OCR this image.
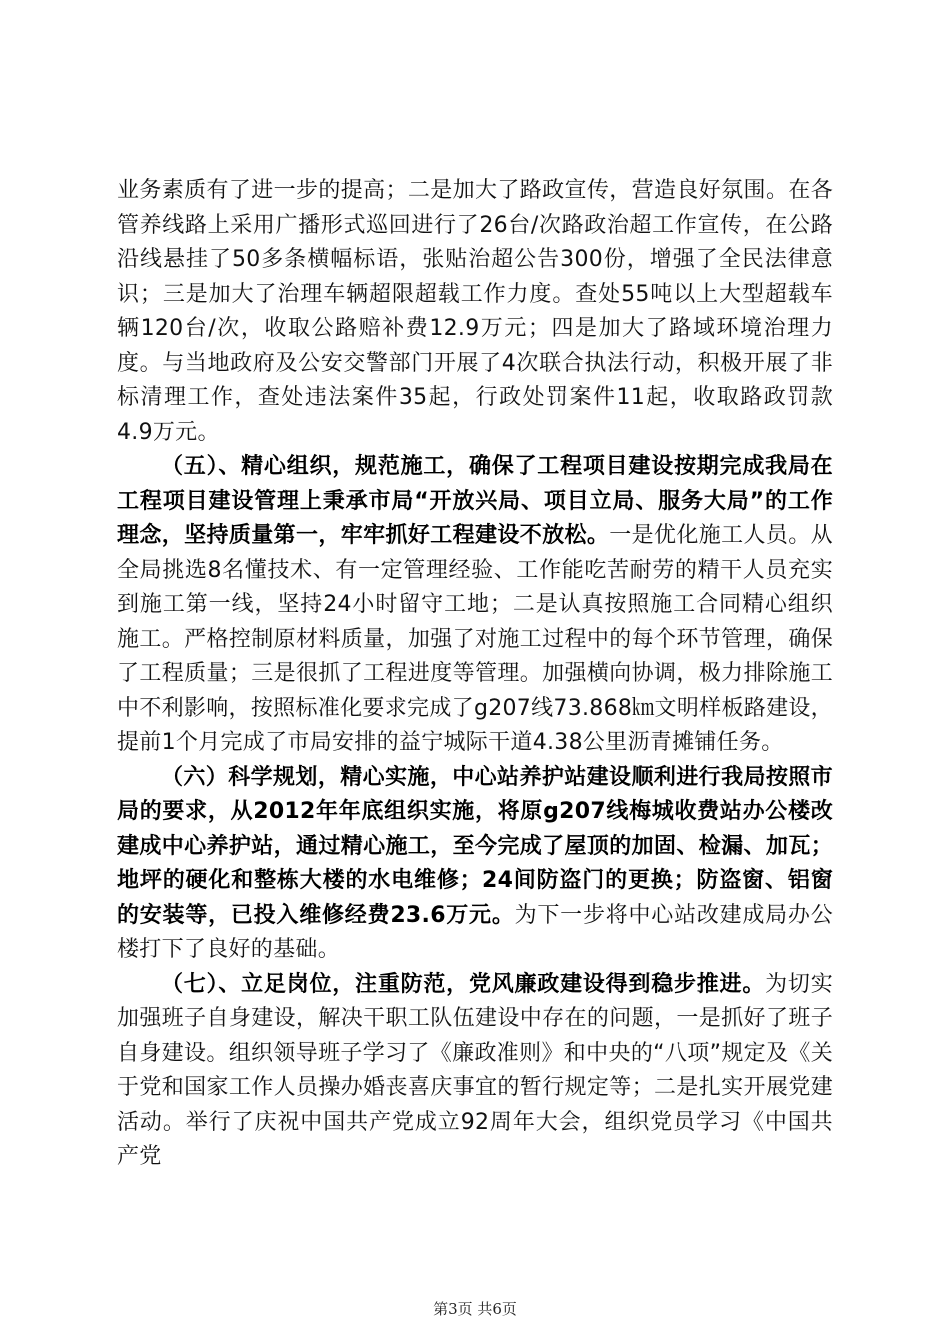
业务素质有了进一步的提高；二是加大了路政宣传，营造良好氛围。在各管养线路上采用广播形式巡回进行了26台/次路政治超工作宣传，在公路沿线悬挂了50多条横幅标语，张贴治超公告300份，增强了全民法律意识；三是加大了治理车辆超限超载工作力度。查处55吨以上大型超载车辆120台/次，收取公路赔补费12.9万元；四是加大了路域环境治理力度。与当地政府及公安交警部门开展了4次联合执法行动，积极开展了非标清理工作，查处违法案件35起，行政处罚案件11起，收取路政罚款4.9万元。

（五）、精心组织，规范施工，确保了工程项目建设按期完成我局在工程项目建设管理上秉承市局“开放兴局、项目立局、服务大局”的工作理念，坚持质量第一，牢牢抓好工程建设不放松。一是优化施工人员。从全局挑选8名懂技术、有一定管理经验、工作能吃苦耐劳的精干人员充实到施工第一线，坚持24小时留守工地；二是认真按照施工合同精心组织施工。严格控制原材料质量，加强了对施工过程中的每个环节管理，确保了工程质量；三是很抓了工程进度等管理。加强横向协调，极力排除施工中不利影响，按照标准化要求完成了g207线73.868㎞文明样板路建设，提前1个月完成了市局安排的益宁城际干道4.38公里沥青摊铺任务。

（六）科学规划，精心实施，中心站养护站建设顺利进行我局按照市局的要求，从2012年年底组织实施，将原g207线梅城收费站办公楼改建成中心养护站，通过精心施工，至今完成了屋顶的加固、检漏、加瓦；地坪的硬化和整栋大楼的水电维修；24间防盗门的更换；防盗窗、铝窗的安装等，已投入维修经费23.6万元。为下一步将中心站改建成局办公楼打下了良好的基础。

（七）、立足岗位，注重防范，党风廉政建设得到稳步推进。为切实加强班子自身建设，解决干职工队伍建设中存在的问题，一是抓好了班子自身建设。组织领导班子学习了《廉政准则》和中央的“八项”规定及《关于党和国家工作人员操办婚丧喜庆事宜的暂行规定等；二是扎实开展党建活动。举行了庆祝中国共产党成立92周年大会，组织党员学习《中国共产党

第3页 共6页
